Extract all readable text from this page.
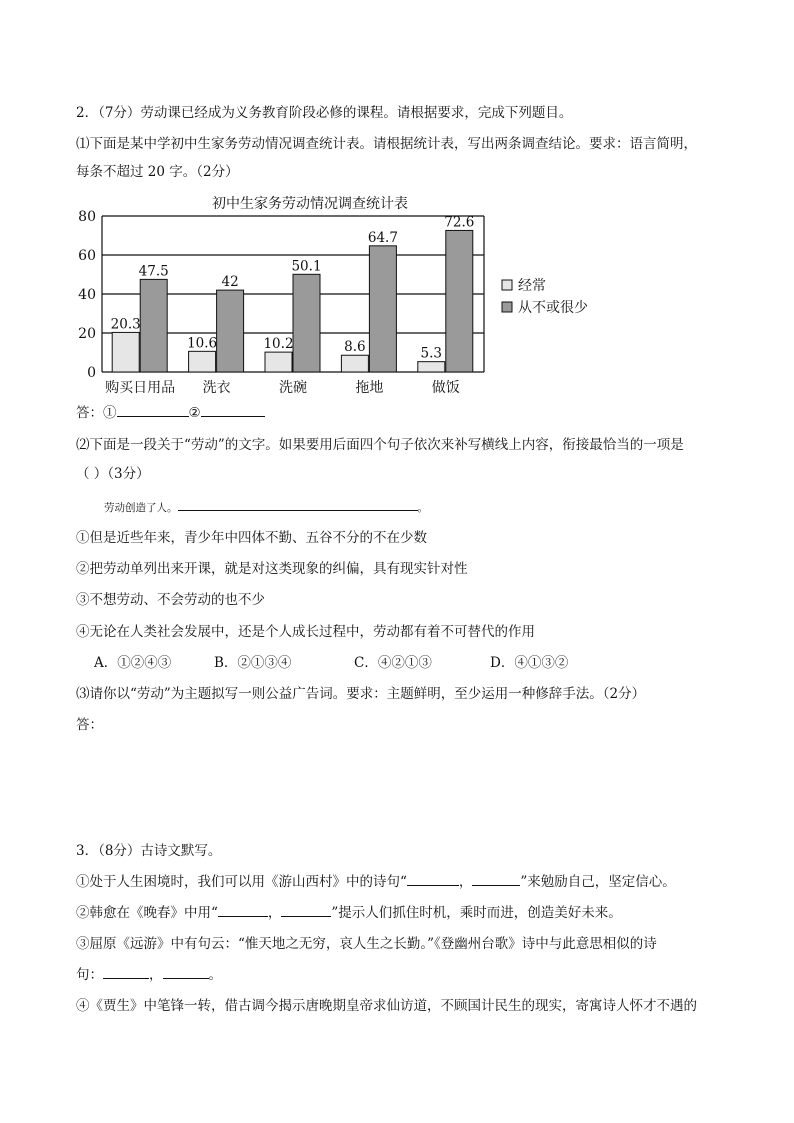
2．（7分）劳动课已经成为义务教育阶段必修的课程。请根据要求，完成下列题目。
⑴下面是某中学初中生家务劳动情况调查统计表。请根据统计表，写出两条调查结论。要求：语言简明，
每条不超过 20 字。（2分）
初中生家务劳动情况调查统计表
0
20
40
60
80
20.3
47.5
10.6
42
10.2
50.1
8.6
64.7
5.3
72.6
购买日用品 洗衣	洗碗	拖地	做饭
经常
从不或很少
答：①	②
⑵下面是一段关于“劳动”的文字。如果要用后面四个句子依次来补写横线上内容，衔接最恰当的一项是
（ ）（3分）
劳动创造了人。	。
①但是近些年来，青少年中四体不勤、五谷不分的不在少数
②把劳动单列出来开课，就是对这类现象的纠偏，具有现实针对性
③不想劳动、不会劳动的也不少
④无论在人类社会发展中，还是个人成长过程中，劳动都有着不可替代的作用
A．①②④③	B．②①③④	C．④②①③	D．④①③②
⑶请你以“劳动”为主题拟写一则公益广告词。要求：主题鲜明，至少运用一种修辞手法。（2分）
答：
3．（8分）古诗文默写。
①处于人生困境时，我们可以用《游山西村》中的诗句“	，	”来勉励自己，坚定信心。
②韩愈在《晚春》中用“	，	”提示人们抓住时机，乘时而进，创造美好未来。
③屈原《远游》中有句云：“惟天地之无穷，哀人生之长勤。”《登幽州台歌》诗中与此意思相似的诗
句：	，	。
④《贾生》中笔锋一转，借古调今揭示唐晚期皇帝求仙访道，不顾国计民生的现实，寄寓诗人怀才不遇的
